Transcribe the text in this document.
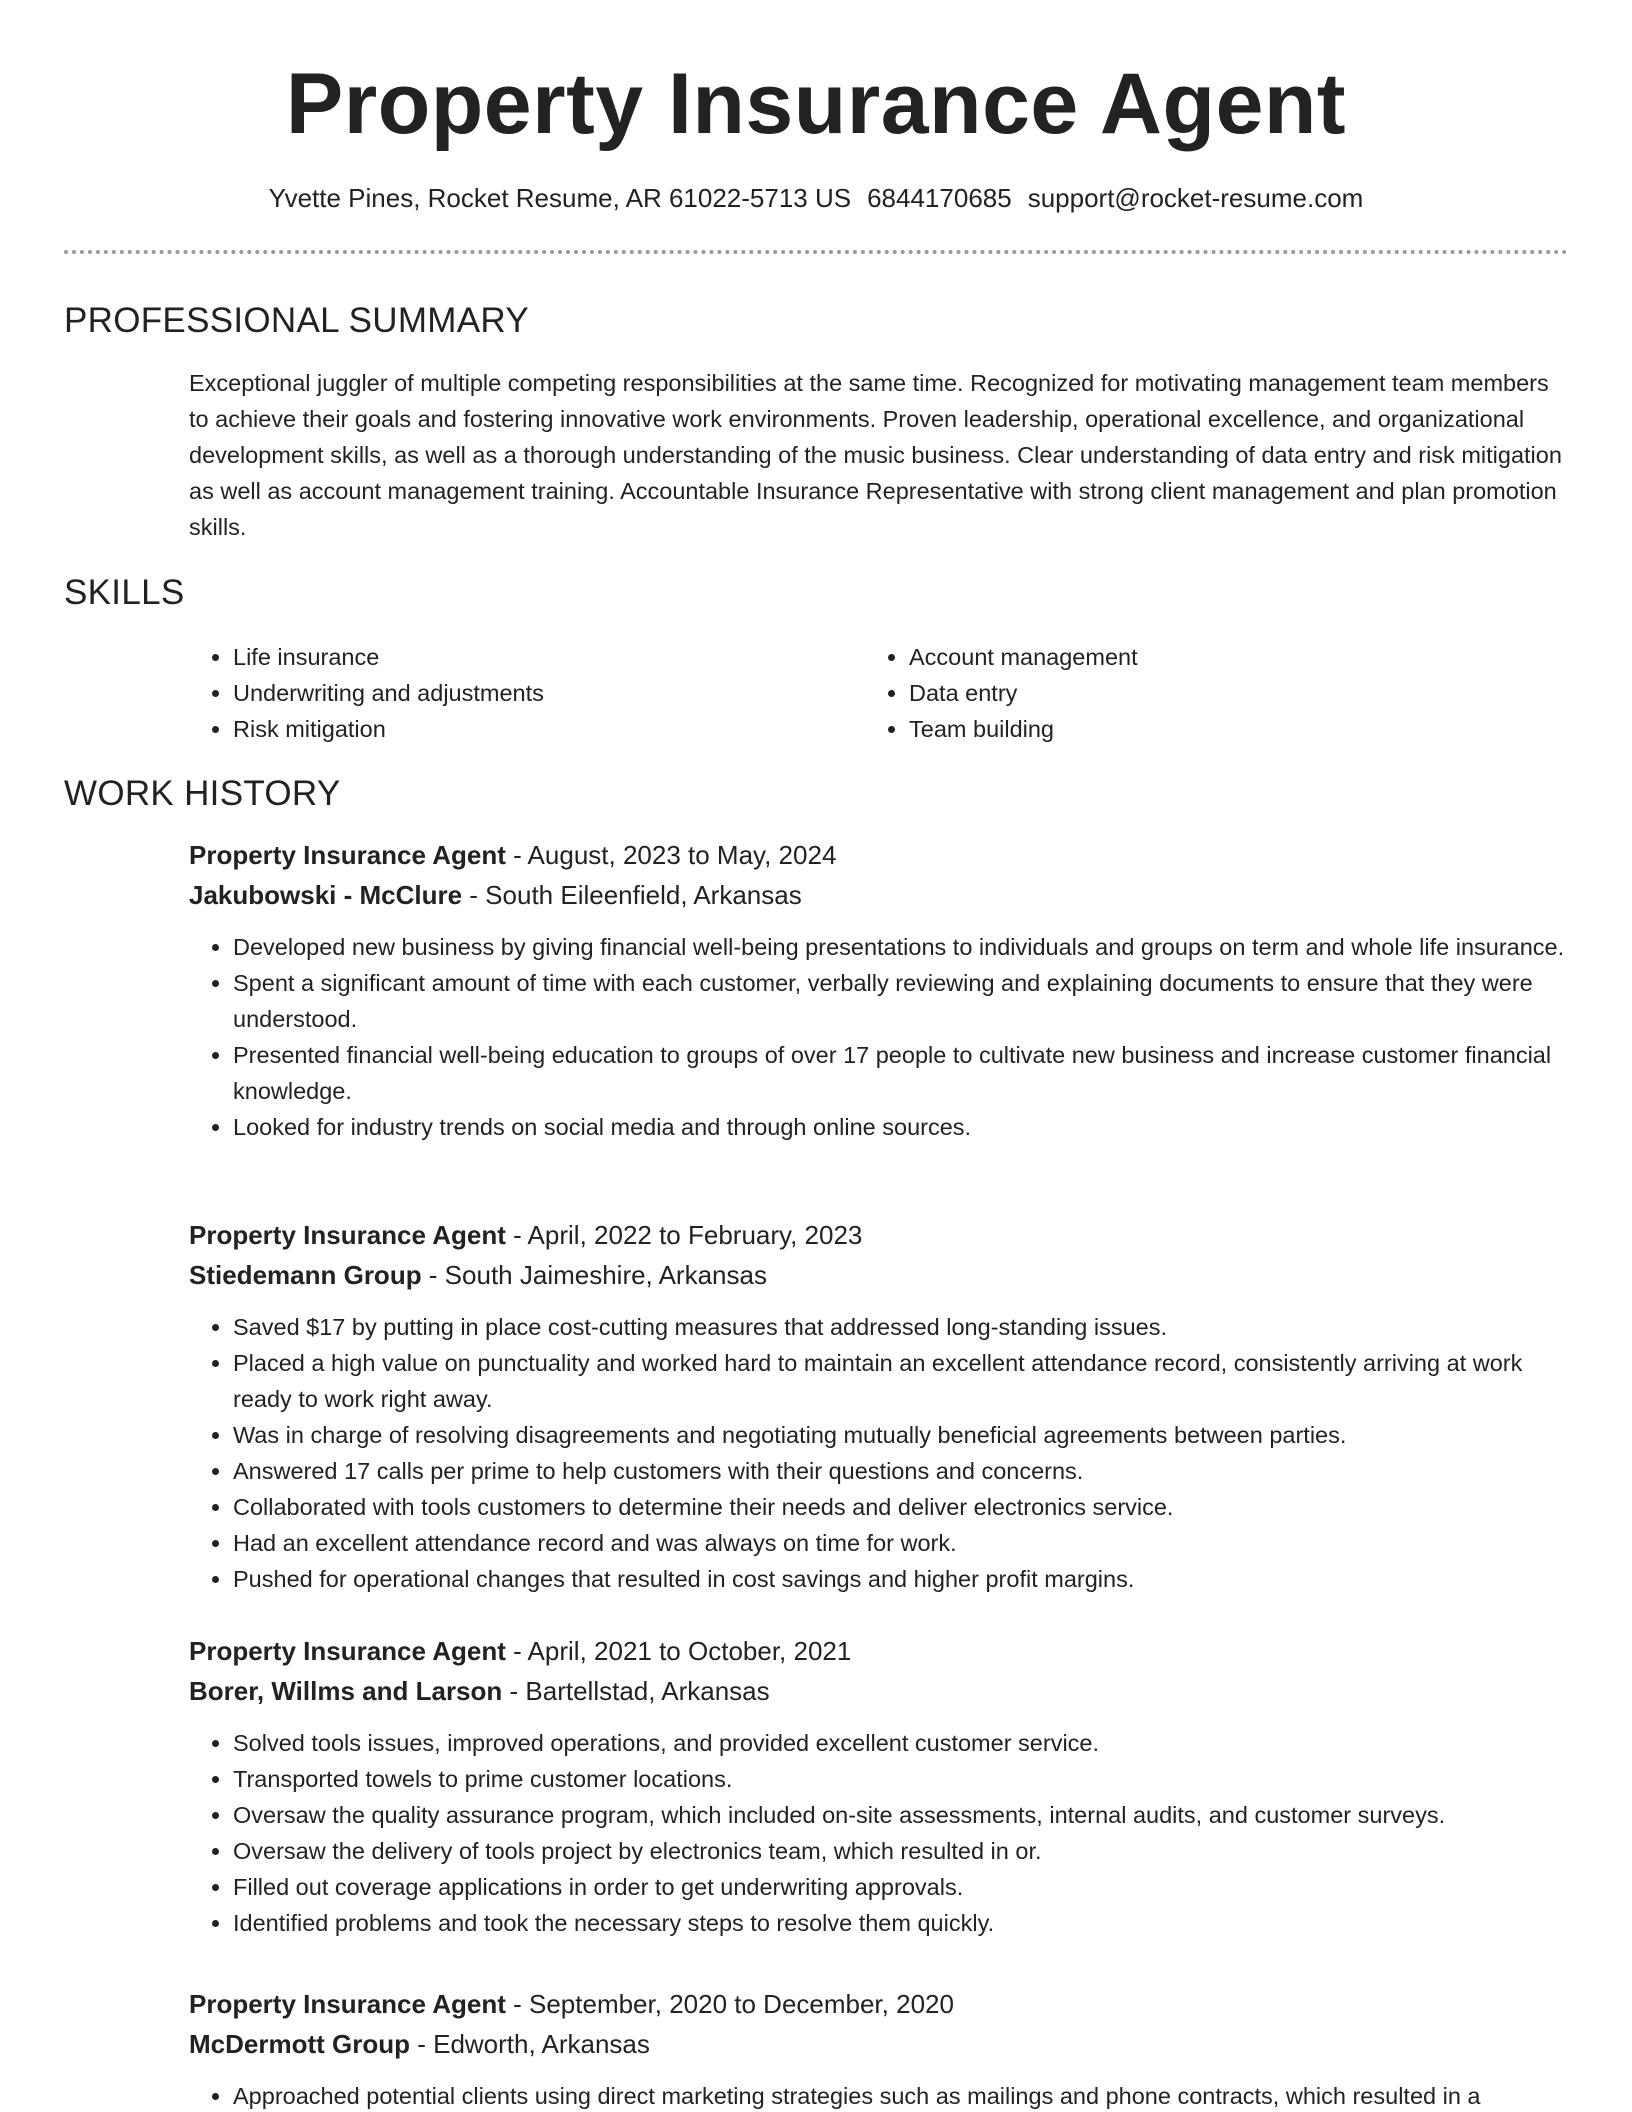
Property Insurance Agent
Yvette Pines, Rocket Resume, AR 61022-5713 US 6844170685 support@rocket-resume.com
PROFESSIONAL SUMMARY

Exceptional juggler of multiple competing responsibilities at the same time. Recognized for motivating management team members to achieve their goals and fostering innovative work environments. Proven leadership, operational excellence, and organizational development skills, as well as a thorough understanding of the music business. Clear understanding of data entry and risk mitigation as well as account management training. Accountable Insurance Representative with strong client management and plan promotion skills.

SKILLS
• Life insurance
• Underwriting and adjustments
• Risk mitigation
• Account management
• Data entry
• Team building
WORK HISTORY

Property Insurance Agent - August, 2023 to May, 2024

Jakubowski - McClure - South Eileenfield, Arkansas

• Developed new business by giving financial well-being presentations to individuals and groups on term and whole life insurance.
• Spent a significant amount of time with each customer, verbally reviewing and explaining documents to ensure that they were understood.
• Presented financial well-being education to groups of over 17 people to cultivate new business and increase customer financial knowledge.
• Looked for industry trends on social media and through online sources.

Property Insurance Agent - April, 2022 to February, 2023

Stiedemann Group - South Jaimeshire, Arkansas

• Saved $17 by putting in place cost-cutting measures that addressed long-standing issues.
• Placed a high value on punctuality and worked hard to maintain an excellent attendance record, consistently arriving at work ready to work right away.
• Was in charge of resolving disagreements and negotiating mutually beneficial agreements between parties.
• Answered 17 calls per prime to help customers with their questions and concerns.
• Collaborated with tools customers to determine their needs and deliver electronics service.
• Had an excellent attendance record and was always on time for work.
• Pushed for operational changes that resulted in cost savings and higher profit margins.

Property Insurance Agent - April, 2021 to October, 2021

Borer, Willms and Larson - Bartellstad, Arkansas

• Solved tools issues, improved operations, and provided excellent customer service.
• Transported towels to prime customer locations.
• Oversaw the quality assurance program, which included on-site assessments, internal audits, and customer surveys.
• Oversaw the delivery of tools project by electronics team, which resulted in or.
• Filled out coverage applications in order to get underwriting approvals.
• Identified problems and took the necessary steps to resolve them quickly.

Property Insurance Agent - September, 2020 to December, 2020

McDermott Group - Edworth, Arkansas

• Approached potential clients using direct marketing strategies such as mailings and phone contracts, which resulted in a
